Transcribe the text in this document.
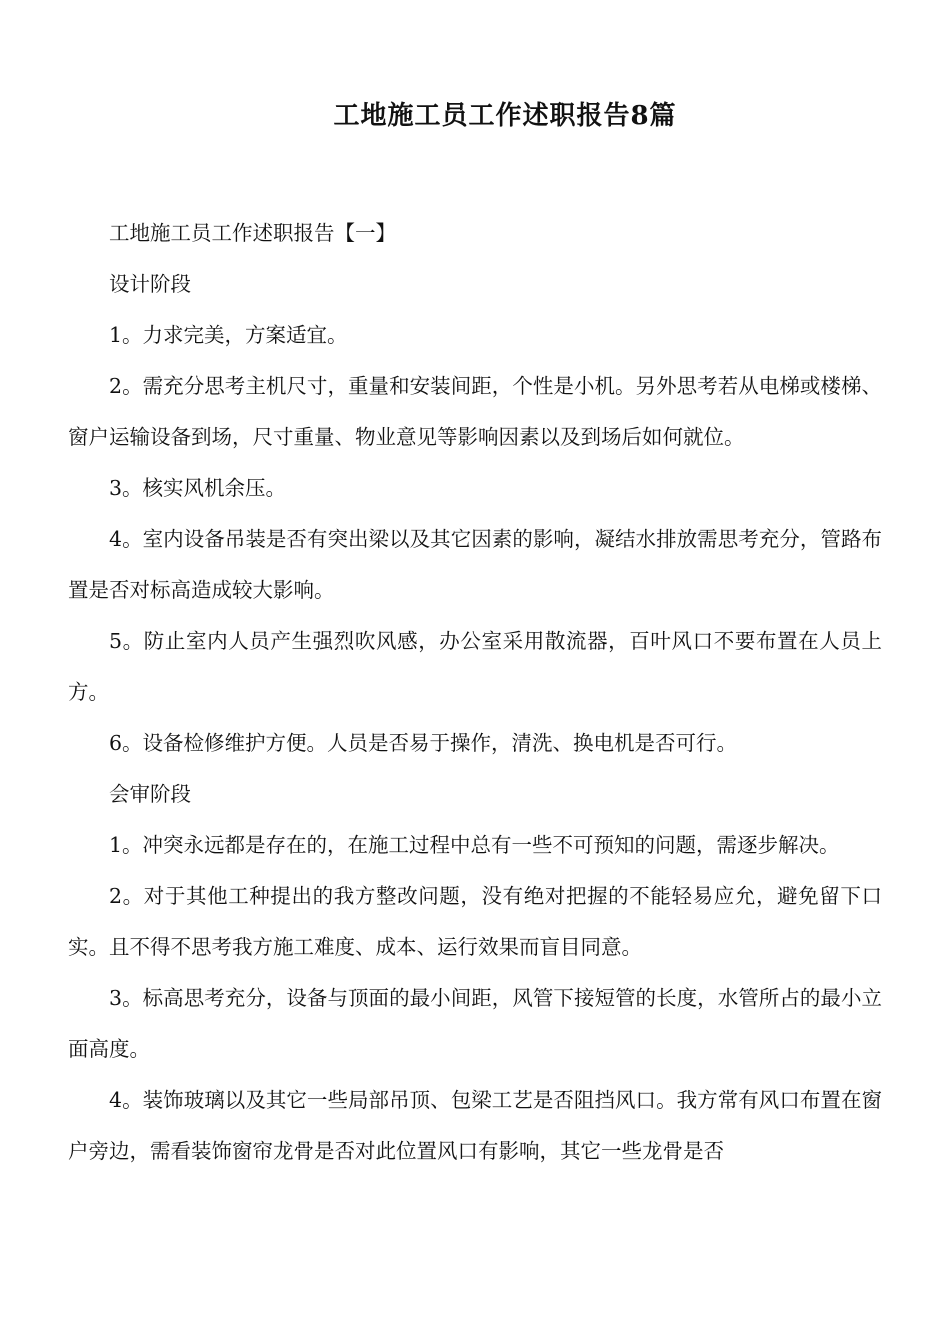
工地施工员工作述职报告8篇

工地施工员工作述职报告【一】

设计阶段

1。力求完美，方案适宜。

2。需充分思考主机尺寸，重量和安装间距，个性是小机。另外思考若从电梯或楼梯、窗户运输设备到场，尺寸重量、物业意见等影响因素以及到场后如何就位。

3。核实风机余压。

4。室内设备吊装是否有突出梁以及其它因素的影响，凝结水排放需思考充分，管路布置是否对标高造成较大影响。

5。防止室内人员产生强烈吹风感，办公室采用散流器，百叶风口不要布置在人员上方。

6。设备检修维护方便。人员是否易于操作，清洗、换电机是否可行。

会审阶段

1。冲突永远都是存在的，在施工过程中总有一些不可预知的问题，需逐步解决。

2。对于其他工种提出的我方整改问题，没有绝对把握的不能轻易应允，避免留下口实。且不得不思考我方施工难度、成本、运行效果而盲目同意。

3。标高思考充分，设备与顶面的最小间距，风管下接短管的长度，水管所占的最小立面高度。

4。装饰玻璃以及其它一些局部吊顶、包梁工艺是否阻挡风口。我方常有风口布置在窗户旁边，需看装饰窗帘龙骨是否对此位置风口有影响，其它一些龙骨是否
